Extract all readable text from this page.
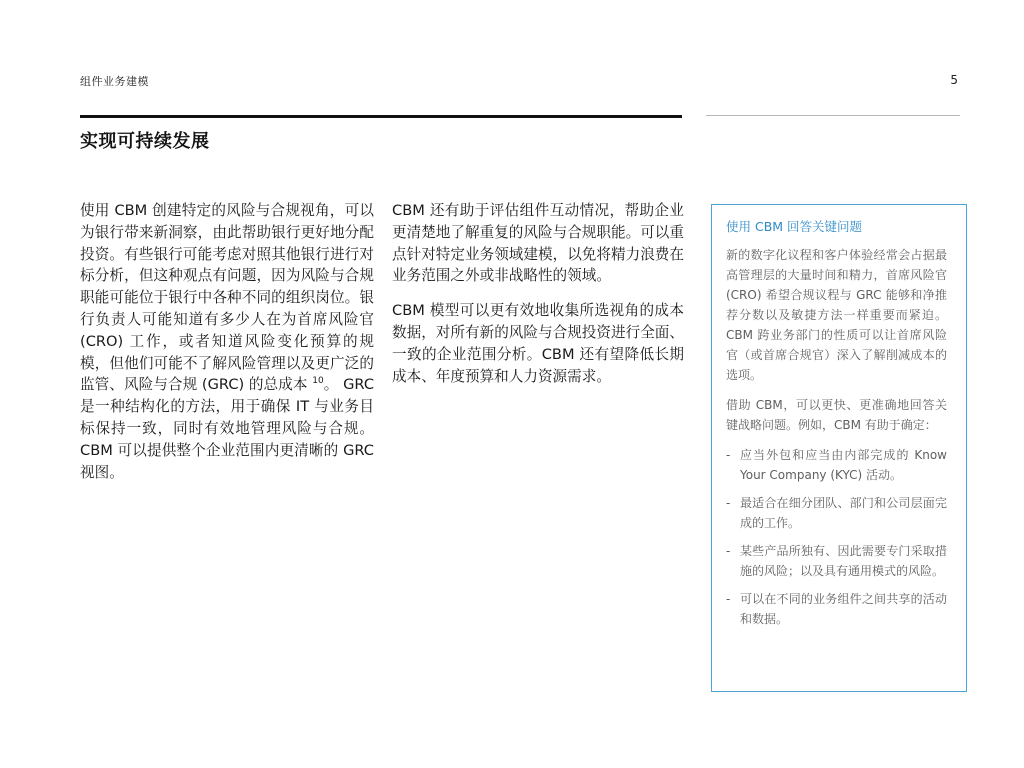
组件业务建模	5
实现可持续发展

使用 CBM 创建特定的风险与合规视角，可以为银行带来新洞察，由此帮助银行更好地分配投资。有些银行可能考虑对照其他银行进行对标分析，但这种观点有问题，因为风险与合规职能可能位于银行中各种不同的组织岗位。银行负责人可能知道有多少人在为首席风险官 (CRO) 工作，或者知道风险变化预算的规模，但他们可能不了解风险管理以及更广泛的监管、风险与合规 (GRC) 的总成本 $^{10}$。 GRC 是一种结构化的方法，用于确保 IT 与业务目标保持一致，同时有效地管理风险与合规。CBM 可以提供整个企业范围内更清晰的 GRC 视图。

CBM 还有助于评估组件互动情况，帮助企业更清楚地了解重复的风险与合规职能。可以重点针对特定业务领域建模，以免将精力浪费在业务范围之外或非战略性的领域。

CBM 模型可以更有效地收集所选视角的成本数据，对所有新的风险与合规投资进行全面、一致的企业范围分析。CBM 还有望降低长期成本、年度预算和人力资源需求。

使用 CBM 回答关键问题

新的数字化议程和客户体验经常会占据最高管理层的大量时间和精力，首席风险官 (CRO) 希望合规议程与 GRC 能够和净推荐分数以及敏捷方法一样重要而紧迫。CBM 跨业务部门的性质可以让首席风险官（或首席合规官）深入了解削减成本的选项。

借助 CBM，可以更快、更准确地回答关键战略问题。例如，CBM 有助于确定：

- 应当外包和应当由内部完成的 Know Your Company (KYC) 活动。
- 最适合在细分团队、部门和公司层面完成的工作。
- 某些产品所独有、因此需要专门采取措施的风险；以及具有通用模式的风险。
- 可以在不同的业务组件之间共享的活动和数据。
